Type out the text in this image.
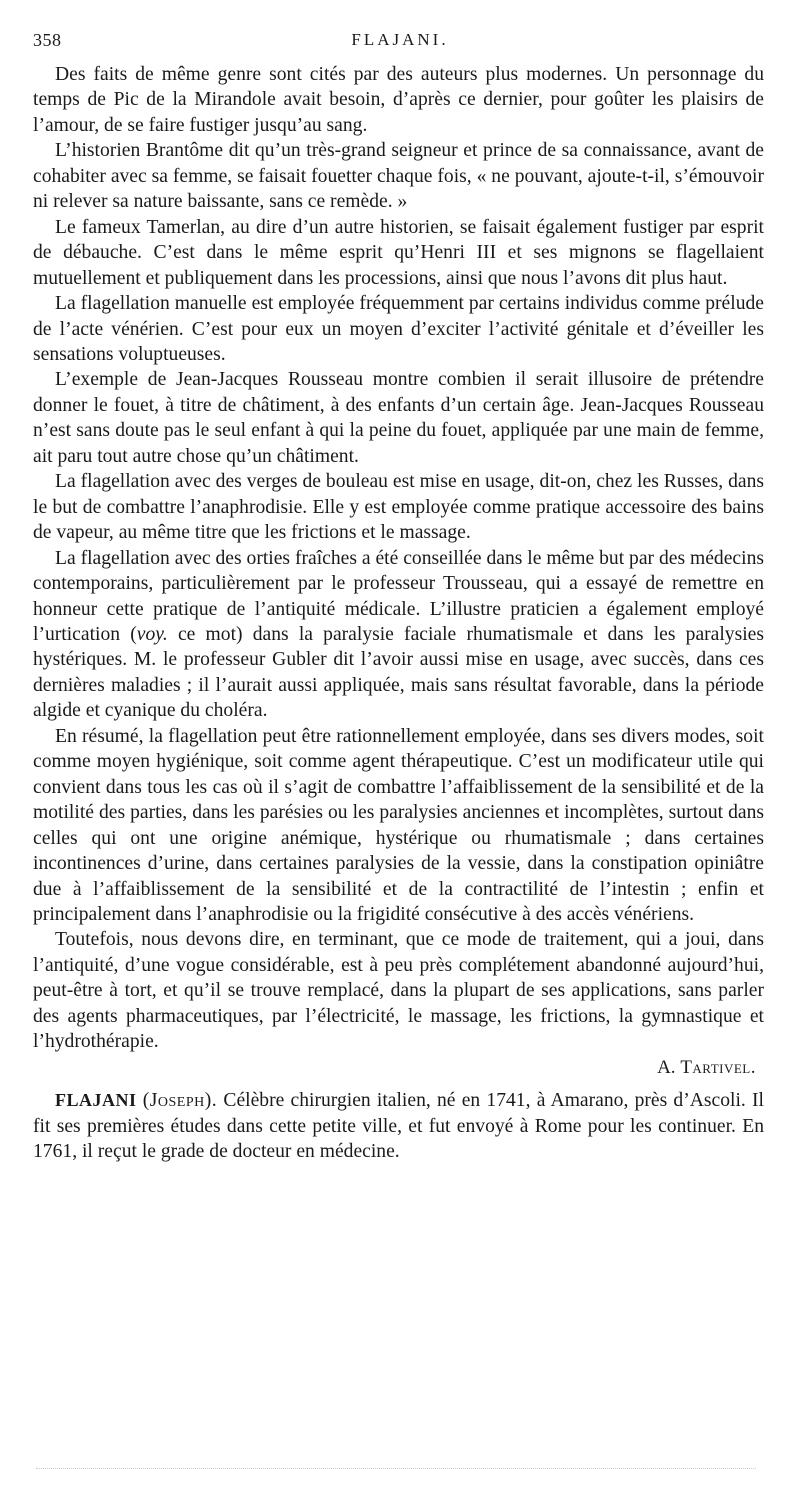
358	FLAJANI.

Des faits de même genre sont cités par des auteurs plus modernes. Un personnage du temps de Pic de la Mirandole avait besoin, d’après ce dernier, pour goûter les plaisirs de l’amour, de se faire fustiger jusqu’au sang.

L’historien Brantôme dit qu’un très-grand seigneur et prince de sa connaissance, avant de cohabiter avec sa femme, se faisait fouetter chaque fois, « ne pouvant, ajoute-t-il, s’émouvoir ni relever sa nature baissante, sans ce remède. »

Le fameux Tamerlan, au dire d’un autre historien, se faisait également fustiger par esprit de débauche. C’est dans le même esprit qu’Henri III et ses mignons se flagellaient mutuellement et publiquement dans les processions, ainsi que nous l’avons dit plus haut.

La flagellation manuelle est employée fréquemment par certains individus comme prélude de l’acte vénérien. C’est pour eux un moyen d’exciter l’activité génitale et d’éveiller les sensations voluptueuses.

L’exemple de Jean-Jacques Rousseau montre combien il serait illusoire de prétendre donner le fouet, à titre de châtiment, à des enfants d’un certain âge. Jean-Jacques Rousseau n’est sans doute pas le seul enfant à qui la peine du fouet, appliquée par une main de femme, ait paru tout autre chose qu’un châtiment.

La flagellation avec des verges de bouleau est mise en usage, dit-on, chez les Russes, dans le but de combattre l’anaphrodisie. Elle y est employée comme pratique accessoire des bains de vapeur, au même titre que les frictions et le massage.

La flagellation avec des orties fraîches a été conseillée dans le même but par des médecins contemporains, particulièrement par le professeur Trousseau, qui a essayé de remettre en honneur cette pratique de l’antiquité médicale. L’illustre praticien a également employé l’urtication (voy. ce mot) dans la paralysie faciale rhumatismale et dans les paralysies hystériques. M. le professeur Gubler dit l’avoir aussi mise en usage, avec succès, dans ces dernières maladies ; il l’aurait aussi appliquée, mais sans résultat favorable, dans la période algide et cyanique du choléra.

En résumé, la flagellation peut être rationnellement employée, dans ses divers modes, soit comme moyen hygiénique, soit comme agent thérapeutique. C’est un modificateur utile qui convient dans tous les cas où il s’agit de combattre l’affaiblissement de la sensibilité et de la motilité des parties, dans les parésies ou les paralysies anciennes et incomplètes, surtout dans celles qui ont une origine anémique, hystérique ou rhumatismale ; dans certaines incontinences d’urine, dans certaines paralysies de la vessie, dans la constipation opiniâtre due à l’affaiblissement de la sensibilité et de la contractilité de l’intestin ; enfin et principalement dans l’anaphrodisie ou la frigidité consécutive à des accès vénériens.

Toutefois, nous devons dire, en terminant, que ce mode de traitement, qui a joui, dans l’antiquité, d’une vogue considérable, est à peu près complétement abandonné aujourd’hui, peut-être à tort, et qu’il se trouve remplacé, dans la plupart de ses applications, sans parler des agents pharmaceutiques, par l’électricité, le massage, les frictions, la gymnastique et l’hydrothérapie.

A. Tartivel.

FLAJANI (Joseph). Célèbre chirurgien italien, né en 1741, à Amarano, près d’Ascoli. Il fit ses premières études dans cette petite ville, et fut envoyé à Rome pour les continuer. En 1761, il reçut le grade de docteur en médecine.
